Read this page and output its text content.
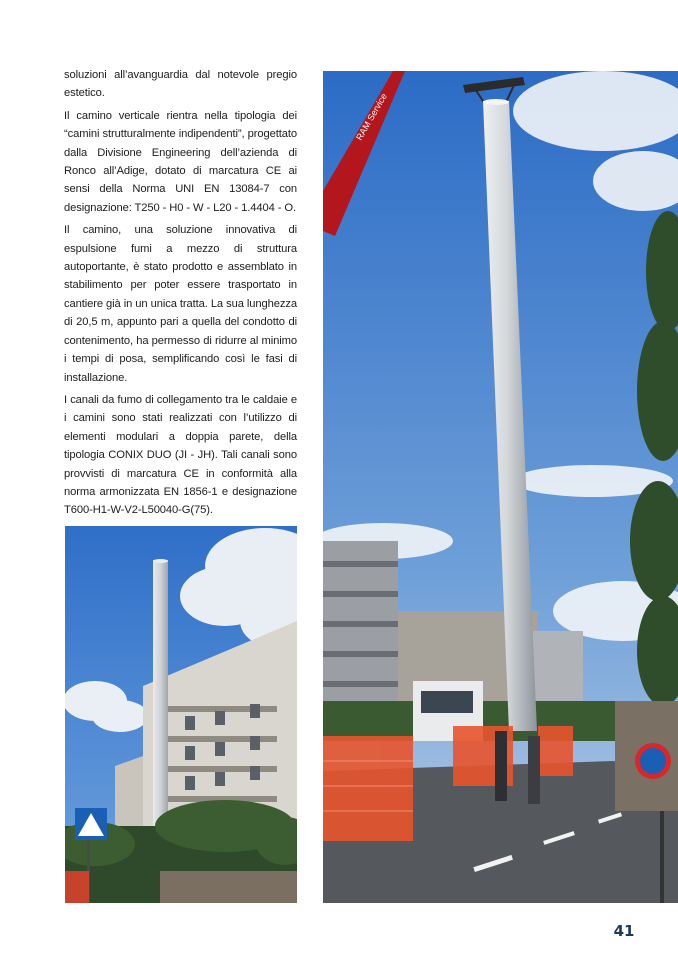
soluzioni all’avanguardia dal notevole pregio estetico.

Il camino verticale rientra nella tipologia dei “camini strutturalmente indipendenti”, progettato dalla Divisione Engineering dell’azienda di Ronco all’Adige, dotato di marcatura CE ai sensi della Norma UNI EN 13084-7 con designazione: T250 - H0 - W - L20 - 1.4404 - O.

Il camino, una soluzione innovativa di espulsione fumi a mezzo di struttura autoportante, è stato prodotto e assemblato in stabilimento per poter essere trasportato in cantiere già in un unica tratta. La sua lunghezza di 20,5 m, appunto pari a quella del condotto di contenimento, ha permesso di ridurre al minimo i tempi di posa, semplificando così le fasi di installazione.

I canali da fumo di collegamento tra le caldaie e i camini sono stati realizzati con l’utilizzo di elementi modulari a doppia parete, della tipologia CONIX DUO (JI - JH). Tali canali sono provvisti di marcatura CE in conformità alla norma armonizzata EN 1856-1 e designazione T600-H1-W-V2-L50040-G(75).

RAM Service
41
